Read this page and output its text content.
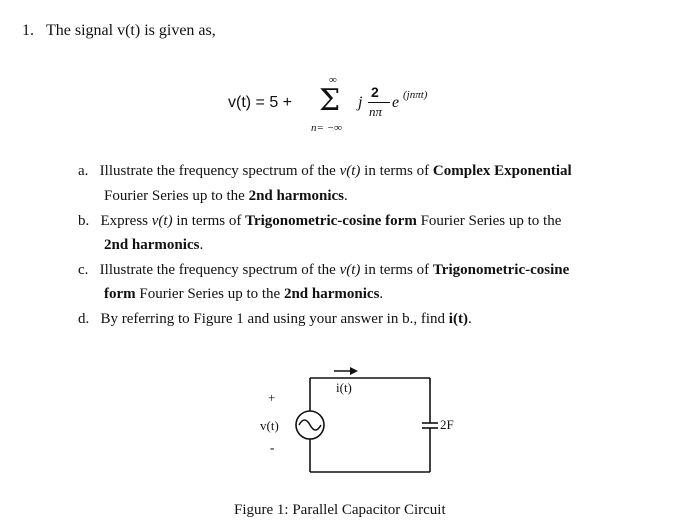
1. The signal v(t) is given as,
v(t) = 5 +
∞
Σ
n= −∞
j
2
nπ
e (jnπt)
a. Illustrate the frequency spectrum of the v(t) in terms of Complex Exponential
Fourier Series up to the 2nd harmonics.
b. Express v(t) in terms of Trigonometric-cosine form Fourier Series up to the
2nd harmonics.
c. Illustrate the frequency spectrum of the v(t) in terms of Trigonometric-cosine
form Fourier Series up to the 2nd harmonics.
d. By referring to Figure 1 and using your answer in b., find i(t).
+
v(t)
-
i(t)
2F
Figure 1: Parallel Capacitor Circuit
